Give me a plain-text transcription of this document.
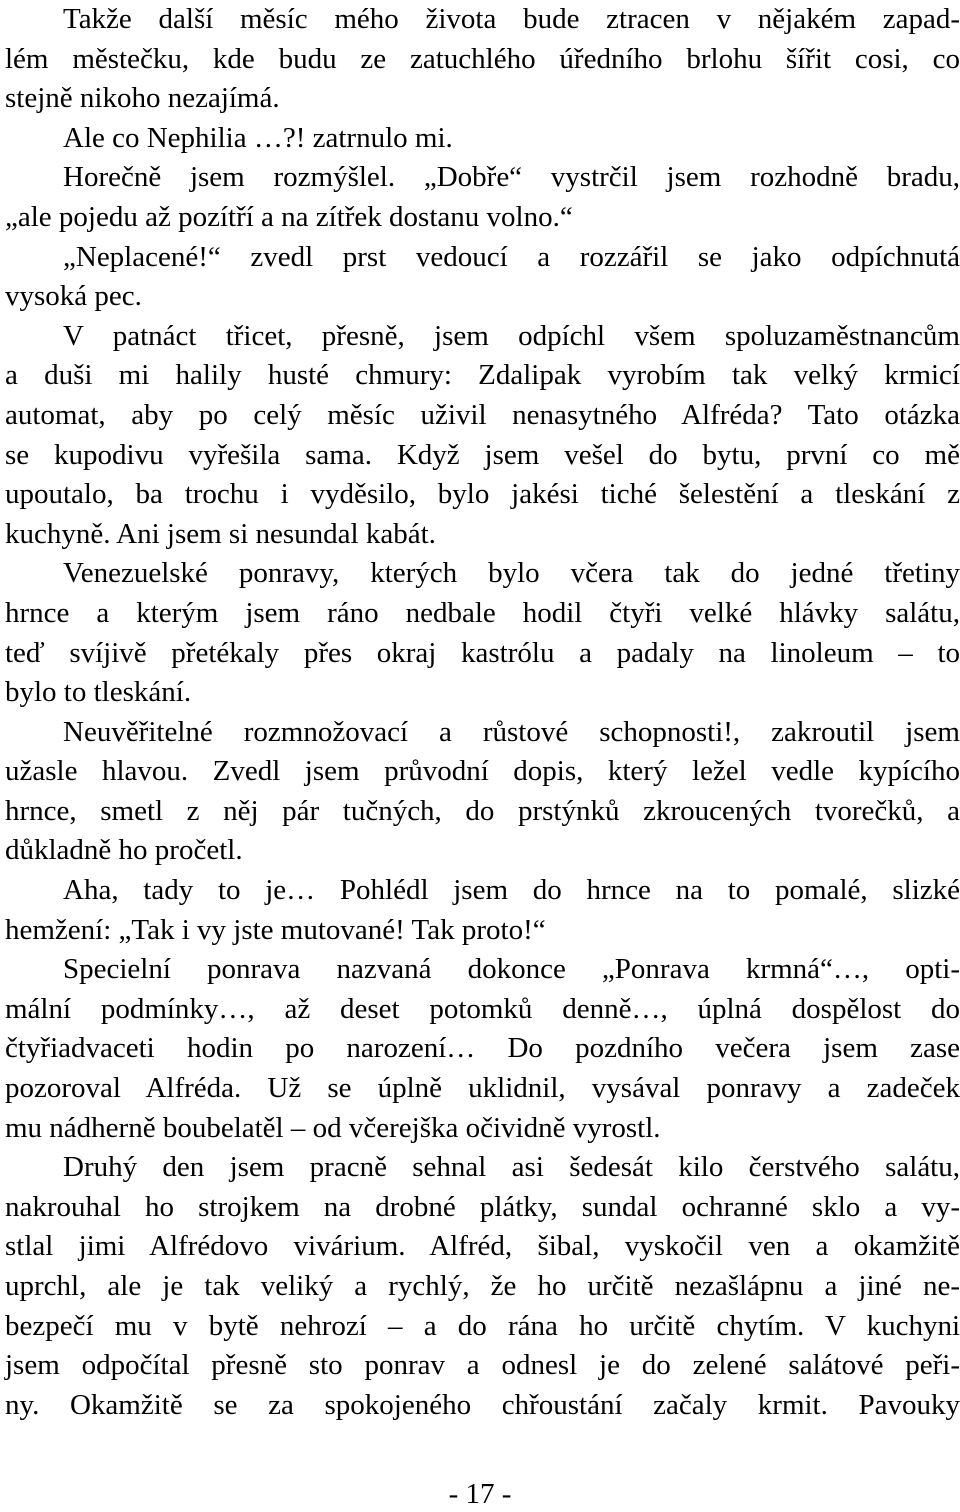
Takže další měsíc mého života bude ztracen v nějakém zapad-
lém městečku, kde budu ze zatuchlého úředního brlohu šířit cosi, co
stejně nikoho nezajímá.
Ale co Nephilia …?! zatrnulo mi.
Horečně jsem rozmýšlel. „Dobře“ vystrčil jsem rozhodně bradu,
„ale pojedu až pozítří a na zítřek dostanu volno.“
„Neplacené!“ zvedl prst vedoucí a rozzářil se jako odpíchnutá
vysoká pec.
V patnáct třicet, přesně, jsem odpíchl všem spoluzaměstnancům
a duši mi halily husté chmury: Zdalipak vyrobím tak velký krmicí
automat, aby po celý měsíc uživil nenasytného Alfréda? Tato otázka
se kupodivu vyřešila sama. Když jsem vešel do bytu, první co mě
upoutalo, ba trochu i vyděsilo, bylo jakési tiché šelestění a tleskání z
kuchyně. Ani jsem si nesundal kabát.
Venezuelské ponravy, kterých bylo včera tak do jedné třetiny
hrnce a kterým jsem ráno nedbale hodil čtyři velké hlávky salátu,
teď svíjivě přetékaly přes okraj kastrólu a padaly na linoleum – to
bylo to tleskání.
Neuvěřitelné rozmnožovací a růstové schopnosti!, zakroutil jsem
užasle hlavou. Zvedl jsem průvodní dopis, který ležel vedle kypícího
hrnce, smetl z něj pár tučných, do prstýnků zkroucených tvorečků, a
důkladně ho pročetl.
Aha, tady to je… Pohlédl jsem do hrnce na to pomalé, slizké
hemžení: „Tak i vy jste mutované! Tak proto!“
Specielní ponrava nazvaná dokonce „Ponrava krmná“…, opti-
mální podmínky…, až deset potomků denně…, úplná dospělost do
čtyřiadvaceti hodin po narození… Do pozdního večera jsem zase
pozoroval Alfréda. Už se úplně uklidnil, vysával ponravy a zadeček
mu nádherně boubelatěl – od včerejška očividně vyrostl.
Druhý den jsem pracně sehnal asi šedesát kilo čerstvého salátu,
nakrouhal ho strojkem na drobné plátky, sundal ochranné sklo a vy-
stlal jimi Alfrédovo vivárium. Alfréd, šibal, vyskočil ven a okamžitě
uprchl, ale je tak veliký a rychlý, že ho určitě nezašlápnu a jiné ne-
bezpečí mu v bytě nehrozí – a do rána ho určitě chytím. V kuchyni
jsem odpočítal přesně sto ponrav a odnesl je do zelené salátové peři-
ny. Okamžitě se za spokojeného chřoustání začaly krmit. Pavouky
- 17 -
